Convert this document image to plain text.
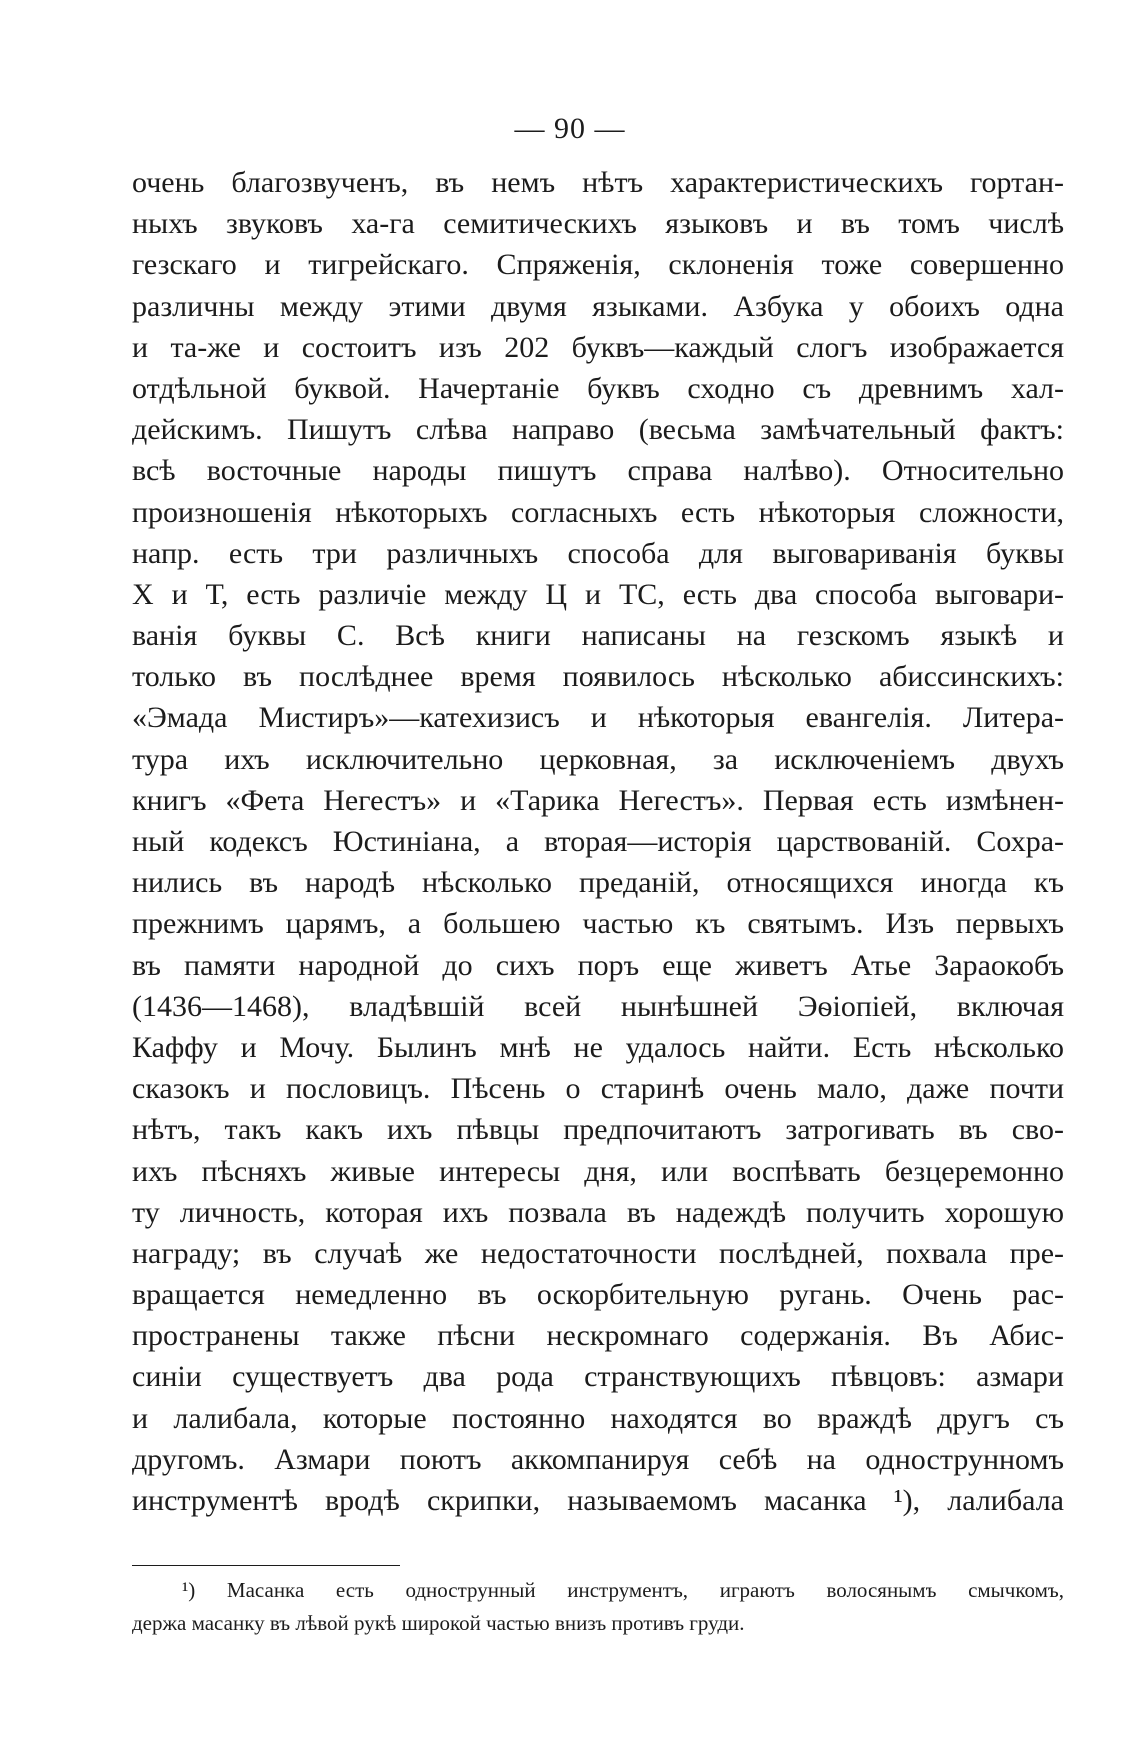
— 90 —
очень благозвученъ, въ немъ нѣтъ характеристическихъ гортан-
ныхъ звуковъ ха-га семитическихъ языковъ и въ томъ числѣ
гезскаго и тигрейскаго. Спряженія, склоненія тоже совершенно
различны между этими двумя языками. Азбука у обоихъ одна
и та-же и состоитъ изъ 202 буквъ—каждый слогъ изображается
отдѣльной буквой. Начертаніе буквъ сходно съ древнимъ хал-
дейскимъ. Пишутъ слѣва направо (весьма замѣчательный фактъ:
всѣ восточные народы пишутъ справа налѣво). Относительно
произношенія нѣкоторыхъ согласныхъ есть нѣкоторыя сложности,
напр. есть три различныхъ способа для выговариванія буквы
Х и Т, есть различіе между Ц и ТС, есть два способа выговари-
ванія буквы С. Всѣ книги написаны на гезскомъ языкѣ и
только въ послѣднее время появилось нѣсколько абиссинскихъ:
«Эмада Мистиръ»—катехизисъ и нѣкоторыя евангелія. Литера-
тура ихъ исключительно церковная, за исключеніемъ двухъ
книгъ «Фета Негестъ» и «Тарика Негестъ». Первая есть измѣнен-
ный кодексъ Юстиніана, а вторая—исторія царствованій. Сохра-
нились въ народѣ нѣсколько преданій, относящихся иногда къ
прежнимъ царямъ, а большею частью къ святымъ. Изъ первыхъ
въ памяти народной до сихъ поръ еще живетъ Атье Зараокобъ
(1436—1468), владѣвшій всей нынѣшней Эѳіопіей, включая
Каффу и Мочу. Былинъ мнѣ не удалось найти. Есть нѣсколько
сказокъ и пословицъ. Пѣсень о старинѣ очень мало, даже почти
нѣтъ, такъ какъ ихъ пѣвцы предпочитаютъ затрогивать въ сво-
ихъ пѣсняхъ живые интересы дня, или воспѣвать безцеремонно
ту личность, которая ихъ позвала въ надеждѣ получить хорошую
награду; въ случаѣ же недостаточности послѣдней, похвала пре-
вращается немедленно въ оскорбительную ругань. Очень рас-
пространены также пѣсни нескромнаго содержанія. Въ Абис-
синіи существуетъ два рода странствующихъ пѣвцовъ: азмари
и лалибала, которые постоянно находятся во враждѣ другъ съ
другомъ. Азмари поютъ аккомпанируя себѣ на однострунномъ
инструментѣ вродѣ скрипки, называемомъ масанка ¹), лалибала
¹) Масанка есть однострунный инструментъ, играютъ волосянымъ смычкомъ,
держа масанку въ лѣвой рукѣ широкой частью внизъ противъ груди.
